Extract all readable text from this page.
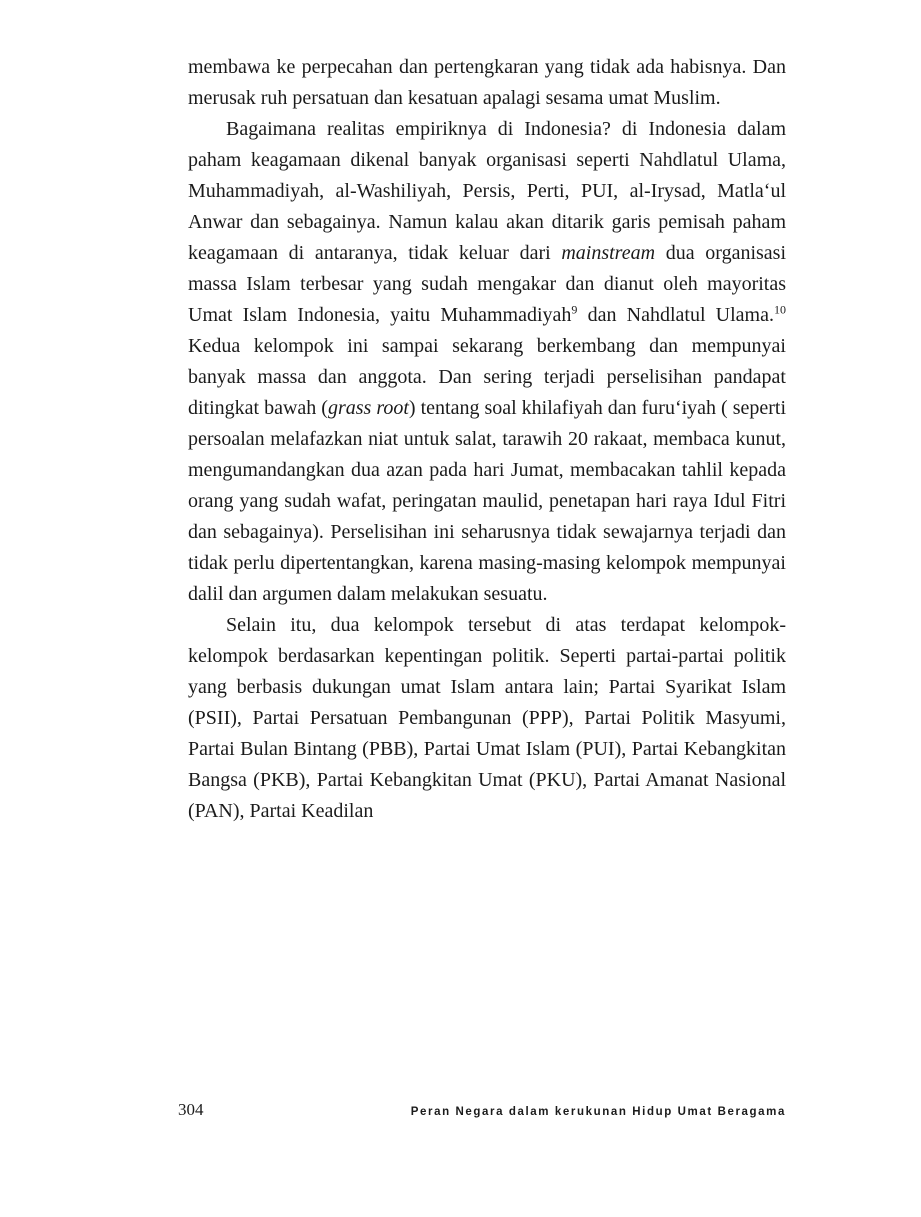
membawa ke perpecahan dan pertengkaran yang tidak ada habisnya. Dan merusak ruh persatuan dan kesatuan apalagi sesama umat Muslim.

Bagaimana realitas empiriknya di Indonesia? di Indonesia dalam paham keagamaan dikenal banyak organisasi seperti Nahdlatul Ulama, Muhammadiyah, al-Washiliyah, Persis, Perti, PUI, al-Irysad, Matla‘ul Anwar dan sebagainya. Namun kalau akan ditarik garis pemisah paham keagamaan di antaranya, tidak keluar dari mainstream dua organisasi massa Islam terbesar yang sudah mengakar dan dianut oleh mayoritas Umat Islam Indonesia, yaitu Muhammadiyah$^9$ dan Nahdlatul Ulama.$^{10}$ Kedua kelompok ini sampai sekarang berkembang dan mempunyai banyak massa dan anggota. Dan sering terjadi perselisihan pandapat ditingkat bawah (grass root) tentang soal khilafiyah dan furu‘iyah ( seperti persoalan melafazkan niat untuk salat, tarawih 20 rakaat, membaca kunut, mengumandangkan dua azan pada hari Jumat, membacakan tahlil kepada orang yang sudah wafat, peringatan maulid, penetapan hari raya Idul Fitri dan sebagainya). Perselisihan ini seharusnya tidak sewajarnya terjadi dan tidak perlu dipertentangkan, karena masing-masing kelompok mempunyai dalil dan argumen dalam melakukan sesuatu.

Selain itu, dua kelompok tersebut di atas terdapat kelompok- kelompok berdasarkan kepentingan politik. Seperti partai-partai politik yang berbasis dukungan umat Islam antara lain; Partai Syarikat Islam (PSII), Partai Persatuan Pembangunan (PPP), Partai Politik Masyumi, Partai Bulan Bintang (PBB), Partai Umat Islam (PUI), Partai Kebangkitan Bangsa (PKB), Partai Kebangkitan Umat (PKU), Partai Amanat Nasional (PAN), Partai Keadilan

304	Peran Negara dalam kerukunan Hidup Umat Beragama
